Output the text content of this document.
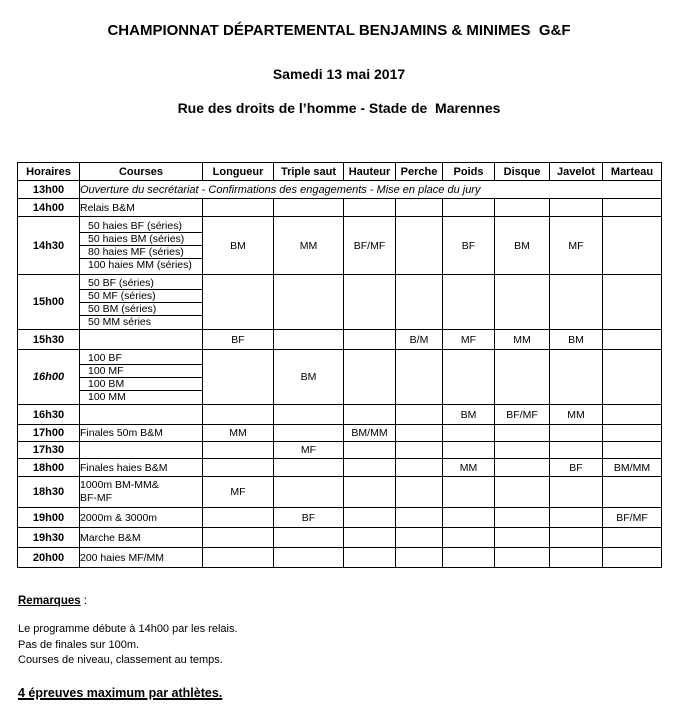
CHAMPIONNAT DÉPARTEMENTAL BENJAMINS & MINIMES  G&F
Samedi 13 mai 2017
Rue des droits de l’homme - Stade de  Marennes
Horaires	Courses	Longueur	Triple saut	Hauteur	Perche	Poids	Disque	Javelot	Marteau
13h00	Ouverture du secrétariat - Confirmations des engagements - Mise en place du jury								
14h00	Relais B&M								
14h30	50 haies BF (séries)
50 haies BM (séries)
80 haies MF (séries)
100 haies MM (séries)	BM	MM	BF/MF		BF	BM	MF	
15h00	50 BF (séries)
50 MF (séries)
50 BM (séries)
50 MM séries								

15h30		BF			B/M	MF	MM	BM	
16h00	100 BF
100 MF
100 BM
100 MM		BM						
16h30						BM	BF/MF	MM	
17h00	Finales 50m B&M	MM		BM/MM					
17h30			MF						
18h00	Finales haies B&M					MM		BF	BM/MM
18h30	1000m BM-MM&
BF-MF	MF							
19h00	2000m & 3000m		BF						BF/MF
19h30	Marche B&M								
20h00	200 haies MF/MM								
Remarques :
Le programme débute à 14h00 par les relais.
Pas de finales sur 100m.
Courses de niveau, classement au temps.
4 épreuves maximum par athlètes.
